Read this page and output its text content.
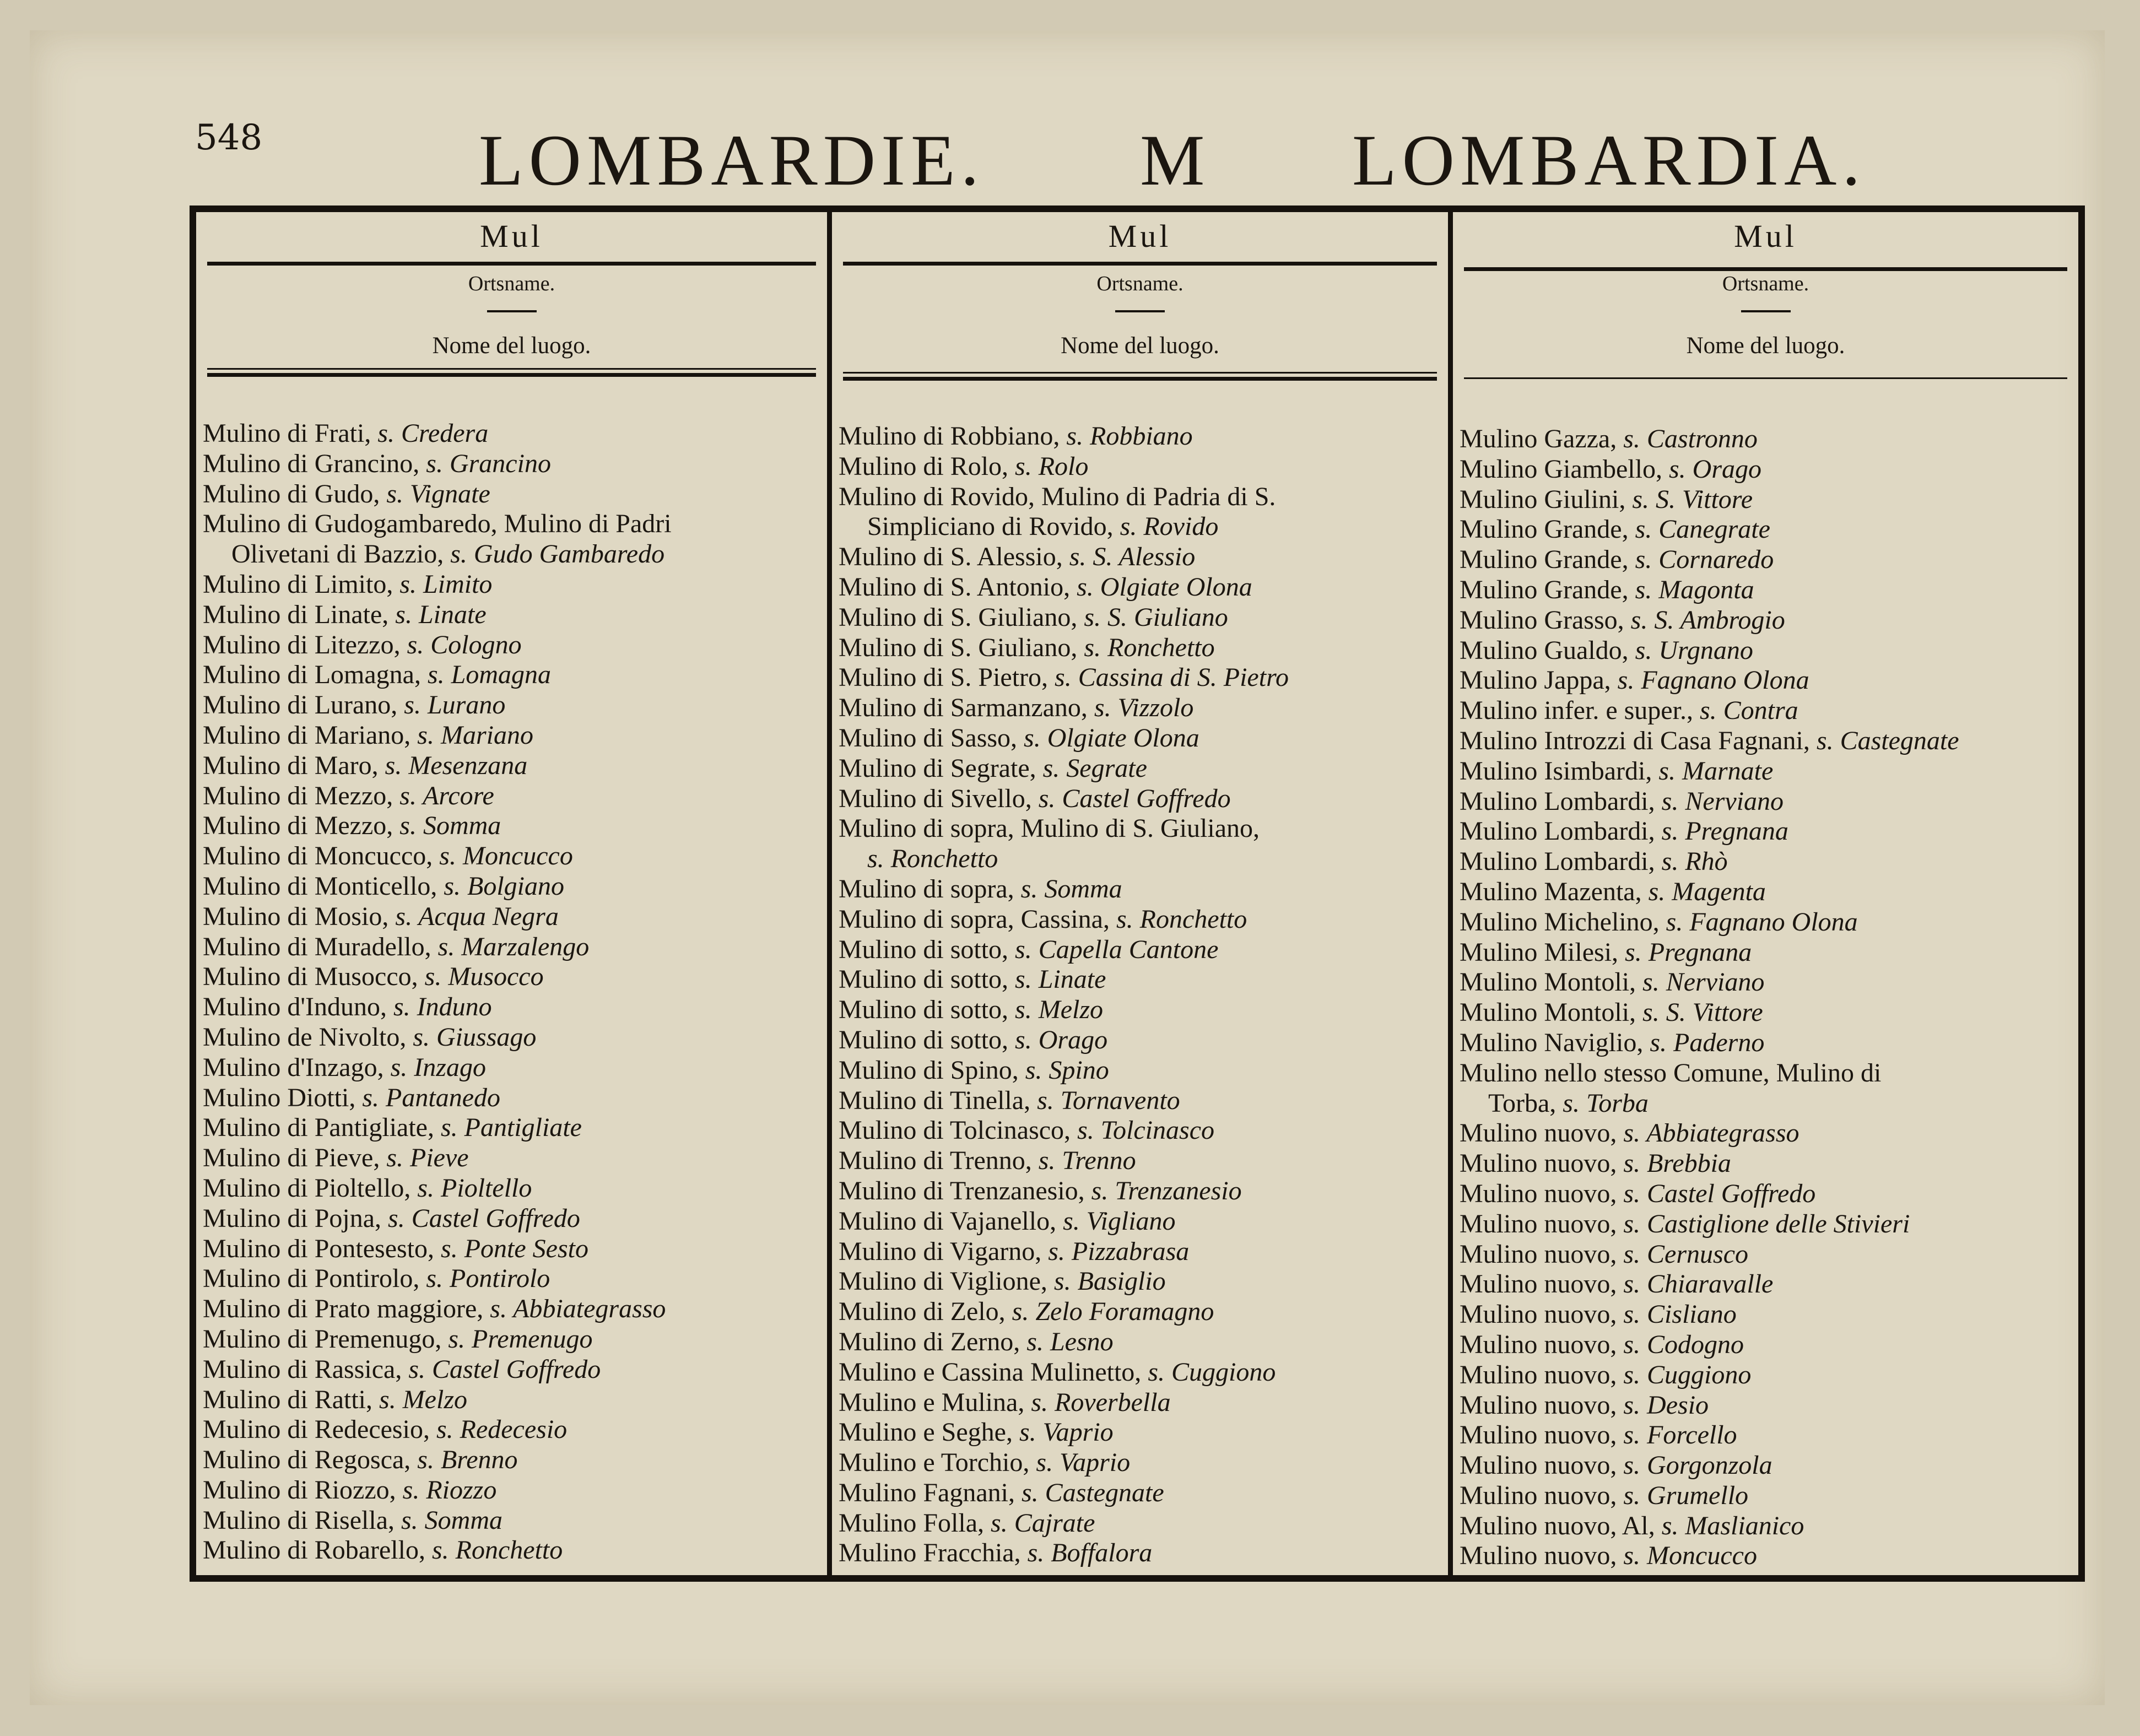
548	LOMBARDIE. M LOMBARDIA.
Mul
Ortsname.
Nome del luogo.
Mulino di Frati, s. Credera
Mulino di Grancino, s. Grancino
Mulino di Gudo, s. Vignate
Mulino di Gudogambaredo, Mulino di Padri
Olivetani di Bazzio, s. Gudo Gambaredo
Mulino di Limito, s. Limito
Mulino di Linate, s. Linate
Mulino di Litezzo, s. Cologno
Mulino di Lomagna, s. Lomagna
Mulino di Lurano, s. Lurano
Mulino di Mariano, s. Mariano
Mulino di Maro, s. Mesenzana
Mulino di Mezzo, s. Arcore
Mulino di Mezzo, s. Somma
Mulino di Moncucco, s. Moncucco
Mulino di Monticello, s. Bolgiano
Mulino di Mosio, s. Acqua Negra
Mulino di Muradello, s. Marzalengo
Mulino di Musocco, s. Musocco
Mulino d'Induno, s. Induno
Mulino de Nivolto, s. Giussago
Mulino d'Inzago, s. Inzago
Mulino Diotti, s. Pantanedo
Mulino di Pantigliate, s. Pantigliate
Mulino di Pieve, s. Pieve
Mulino di Pioltello, s. Pioltello
Mulino di Pojna, s. Castel Goffredo
Mulino di Pontesesto, s. Ponte Sesto
Mulino di Pontirolo, s. Pontirolo
Mulino di Prato maggiore, s. Abbiategrasso
Mulino di Premenugo, s. Premenugo
Mulino di Rassica, s. Castel Goffredo
Mulino di Ratti, s. Melzo
Mulino di Redecesio, s. Redecesio
Mulino di Regosca, s. Brenno
Mulino di Riozzo, s. Riozzo
Mulino di Risella, s. Somma
Mulino di Robarello, s. Ronchetto
Mul
Ortsname.
Nome del luogo.
Mulino di Robbiano, s. Robbiano
Mulino di Rolo, s. Rolo
Mulino di Rovido, Mulino di Padria di S.
Simpliciano di Rovido, s. Rovido
Mulino di S. Alessio, s. S. Alessio
Mulino di S. Antonio, s. Olgiate Olona
Mulino di S. Giuliano, s. S. Giuliano
Mulino di S. Giuliano, s. Ronchetto
Mulino di S. Pietro, s. Cassina di S. Pietro
Mulino di Sarmanzano, s. Vizzolo
Mulino di Sasso, s. Olgiate Olona
Mulino di Segrate, s. Segrate
Mulino di Sivello, s. Castel Goffredo
Mulino di sopra, Mulino di S. Giuliano,
s. Ronchetto
Mulino di sopra, s. Somma
Mulino di sopra, Cassina, s. Ronchetto
Mulino di sotto, s. Capella Cantone
Mulino di sotto, s. Linate
Mulino di sotto, s. Melzo
Mulino di sotto, s. Orago
Mulino di Spino, s. Spino
Mulino di Tinella, s. Tornavento
Mulino di Tolcinasco, s. Tolcinasco
Mulino di Trenno, s. Trenno
Mulino di Trenzanesio, s. Trenzanesio
Mulino di Vajanello, s. Vigliano
Mulino di Vigarno, s. Pizzabrasa
Mulino di Viglione, s. Basiglio
Mulino di Zelo, s. Zelo Foramagno
Mulino di Zerno, s. Lesno
Mulino e Cassina Mulinetto, s. Cuggiono
Mulino e Mulina, s. Roverbella
Mulino e Seghe, s. Vaprio
Mulino e Torchio, s. Vaprio
Mulino Fagnani, s. Castegnate
Mulino Folla, s. Cajrate
Mulino Fracchia, s. Boffalora
Mul
Ortsname.
Nome del luogo.
Mulino Gazza, s. Castronno
Mulino Giambello, s. Orago
Mulino Giulini, s. S. Vittore
Mulino Grande, s. Canegrate
Mulino Grande, s. Cornaredo
Mulino Grande, s. Magonta
Mulino Grasso, s. S. Ambrogio
Mulino Gualdo, s. Urgnano
Mulino Jappa, s. Fagnano Olona
Mulino infer. e super., s. Contra
Mulino Introzzi di Casa Fagnani, s. Castegnate
Mulino Isimbardi, s. Marnate
Mulino Lombardi, s. Nerviano
Mulino Lombardi, s. Pregnana
Mulino Lombardi, s. Rhò
Mulino Mazenta, s. Magenta
Mulino Michelino, s. Fagnano Olona
Mulino Milesi, s. Pregnana
Mulino Montoli, s. Nerviano
Mulino Montoli, s. S. Vittore
Mulino Naviglio, s. Paderno
Mulino nello stesso Comune, Mulino di
Torba, s. Torba
Mulino nuovo, s. Abbiategrasso
Mulino nuovo, s. Brebbia
Mulino nuovo, s. Castel Goffredo
Mulino nuovo, s. Castiglione delle Stivieri
Mulino nuovo, s. Cernusco
Mulino nuovo, s. Chiaravalle
Mulino nuovo, s. Cisliano
Mulino nuovo, s. Codogno
Mulino nuovo, s. Cuggiono
Mulino nuovo, s. Desio
Mulino nuovo, s. Forcello
Mulino nuovo, s. Gorgonzola
Mulino nuovo, s. Grumello
Mulino nuovo, Al, s. Maslianico
Mulino nuovo, s. Moncucco
